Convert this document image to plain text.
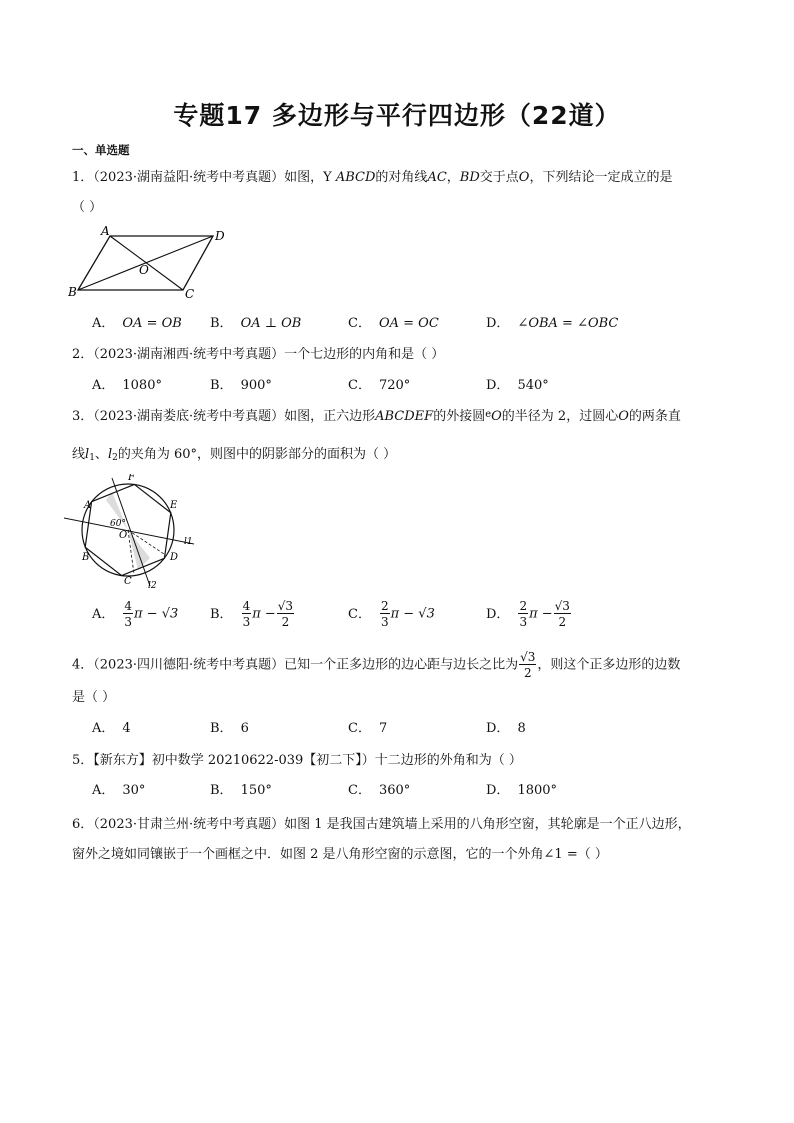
专题17 多边形与平行四边形（22道）
一、单选题
1．（2023·湖南益阳·统考中考真题）如图，Y ABCD的对角线AC，BD交于点O，下列结论一定成立的是
（ ）
A	D
O
B	C
A． OA = OB B． OA ⊥ OB	C． OA = OC	D． ∠OBA = ∠OBC
2．（2023·湖南湘西·统考中考真题）一个七边形的内角和是（ ）
A． 1080°	B． 900°	C． 720°	D． 540°
3．（2023·湖南娄底·统考中考真题）如图，正六边形ABCDEF的外接圆$^e$O的半径为 2，过圆心O的两条直
线$l_1$、$l_2$的夹角为 60°，则图中的阴影部分的面积为（ ）
F
A	E
60°
O
l1
B	D
C l2
A． $\frac{4}{3}$ π − √3 B． $\frac{4}{3}$ $\pi - \frac{√3}{2}$	C． $\frac{2}{3}$ π − √3	D． $\frac{2}{3}$ $\pi - \frac{√3}{2}$
4．（2023·四川德阳·统考中考真题）已知一个正多边形的边心距与边长之比为 $\frac{√3}{2}$ ，则这个正多边形的边数
是（ ）
A． 4	B． 6	C． 7	D． 8
5．【新东方】初中数学 20210622-039【初二下】）十二边形的外角和为（ ）
A． 30°	B． 150°	C． 360°	D． 1800°
6．（2023·甘肃兰州·统考中考真题）如图 1 是我国古建筑墙上采用的八角形空窗，其轮廓是一个正八边形，
窗外之境如同镶嵌于一个画框之中．如图 2 是八角形空窗的示意图，它的一个外角∠1 =（ ）
